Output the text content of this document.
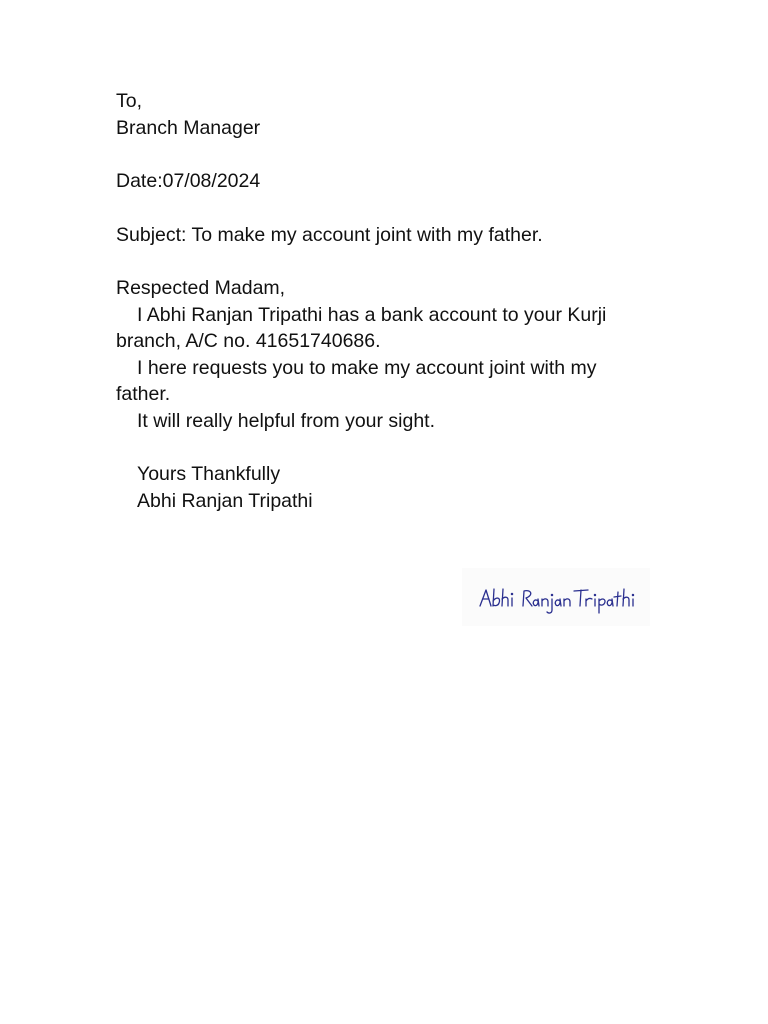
To,
Branch Manager
Date:07/08/2024
Subject: To make my account joint with my father.
Respected Madam,
I Abhi Ranjan Tripathi has a bank account to your Kurji branch, A/C no. 41651740686.
I here requests you to make my account joint with my father.
It will really helpful from your sight.
Yours Thankfully
Abhi Ranjan Tripathi
